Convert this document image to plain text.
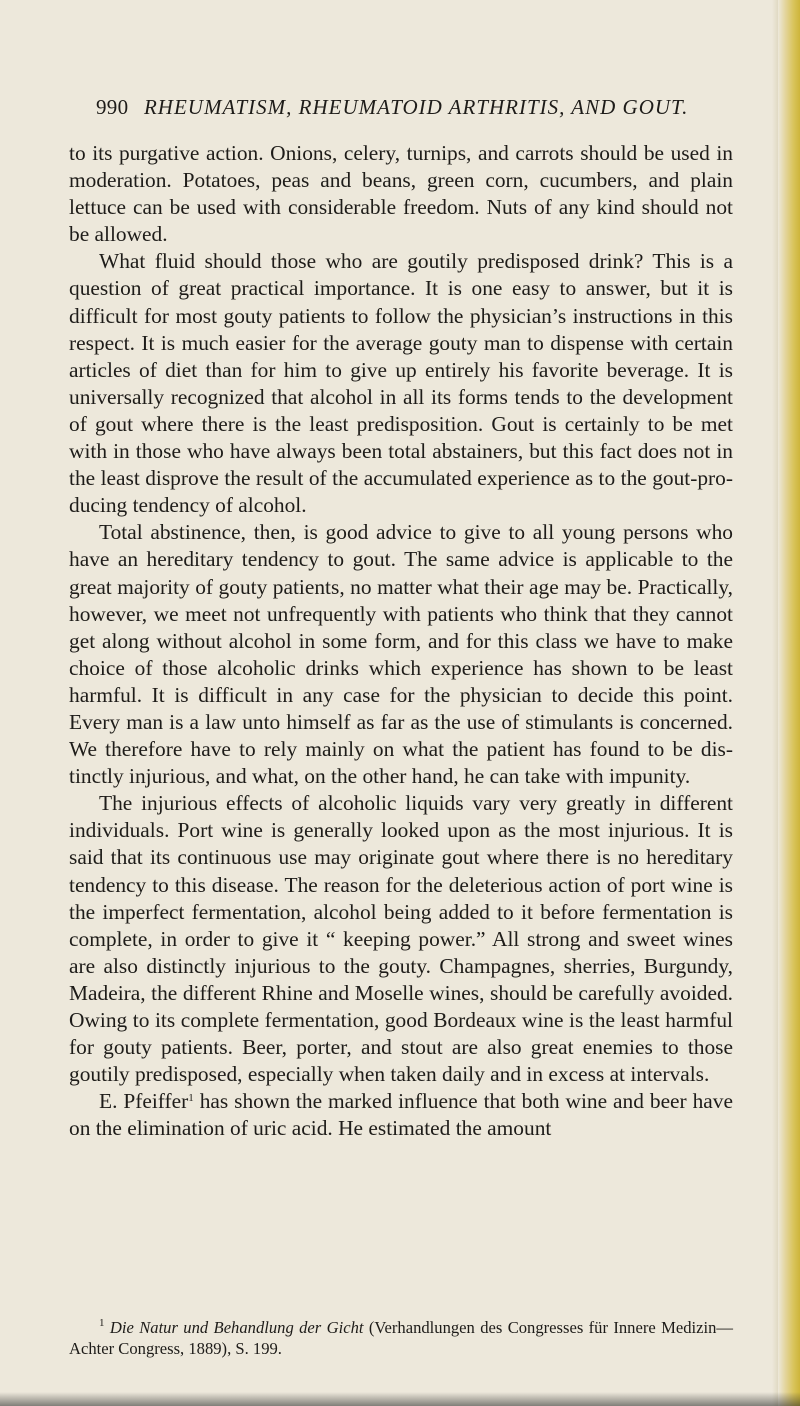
990 RHEUMATISM, RHEUMATOID ARTHRITIS, AND GOUT.

to its purgative action. Onions, celery, turnips, and carrots should be used in moderation. Potatoes, peas and beans, green corn, cucumbers, and plain lettuce can be used with considerable freedom. Nuts of any kind should not be allowed.

What fluid should those who are goutily predisposed drink? This is a question of great practical importance. It is one easy to answer, but it is difficult for most gouty patients to follow the physician’s instructions in this respect. It is much easier for the average gouty man to dispense with certain articles of diet than for him to give up entirely his favorite beverage. It is universally recognized that alcohol in all its forms tends to the development of gout where there is the least predisposition. Gout is certainly to be met with in those who have always been total abstainers, but this fact does not in the least disprove the result of the accumulated experience as to the gout-producing tendency of alcohol.

Total abstinence, then, is good advice to give to all young persons who have an hereditary tendency to gout. The same advice is applicable to the great majority of gouty patients, no matter what their age may be. Practically, however, we meet not unfrequently with patients who think that they cannot get along without alcohol in some form, and for this class we have to make choice of those alcoholic drinks which experience has shown to be least harmful. It is difficult in any case for the physician to decide this point. Every man is a law unto himself as far as the use of stimulants is concerned. We therefore have to rely mainly on what the patient has found to be distinctly injurious, and what, on the other hand, he can take with impunity.

The injurious effects of alcoholic liquids vary very greatly in different individuals. Port wine is generally looked upon as the most injurious. It is said that its continuous use may originate gout where there is no hereditary tendency to this disease. The reason for the deleterious action of port wine is the imperfect fermentation, alcohol being added to it before fermentation is complete, in order to give it “ keeping power.” All strong and sweet wines are also distinctly injurious to the gouty. Champagnes, sherries, Burgundy, Madeira, the different Rhine and Moselle wines, should be carefully avoided. Owing to its complete fermentation, good Bordeaux wine is the least harmful for gouty patients. Beer, porter, and stout are also great enemies to those goutily predisposed, especially when taken daily and in excess at intervals.

E. Pfeiffer$^1$ has shown the marked influence that both wine and beer have on the elimination of uric acid. He estimated the amount

$^1$ Die Natur und Behandlung der Gicht (Verhandlungen des Congresses für Innere Medizin—Achter Congress, 1889), S. 199.
